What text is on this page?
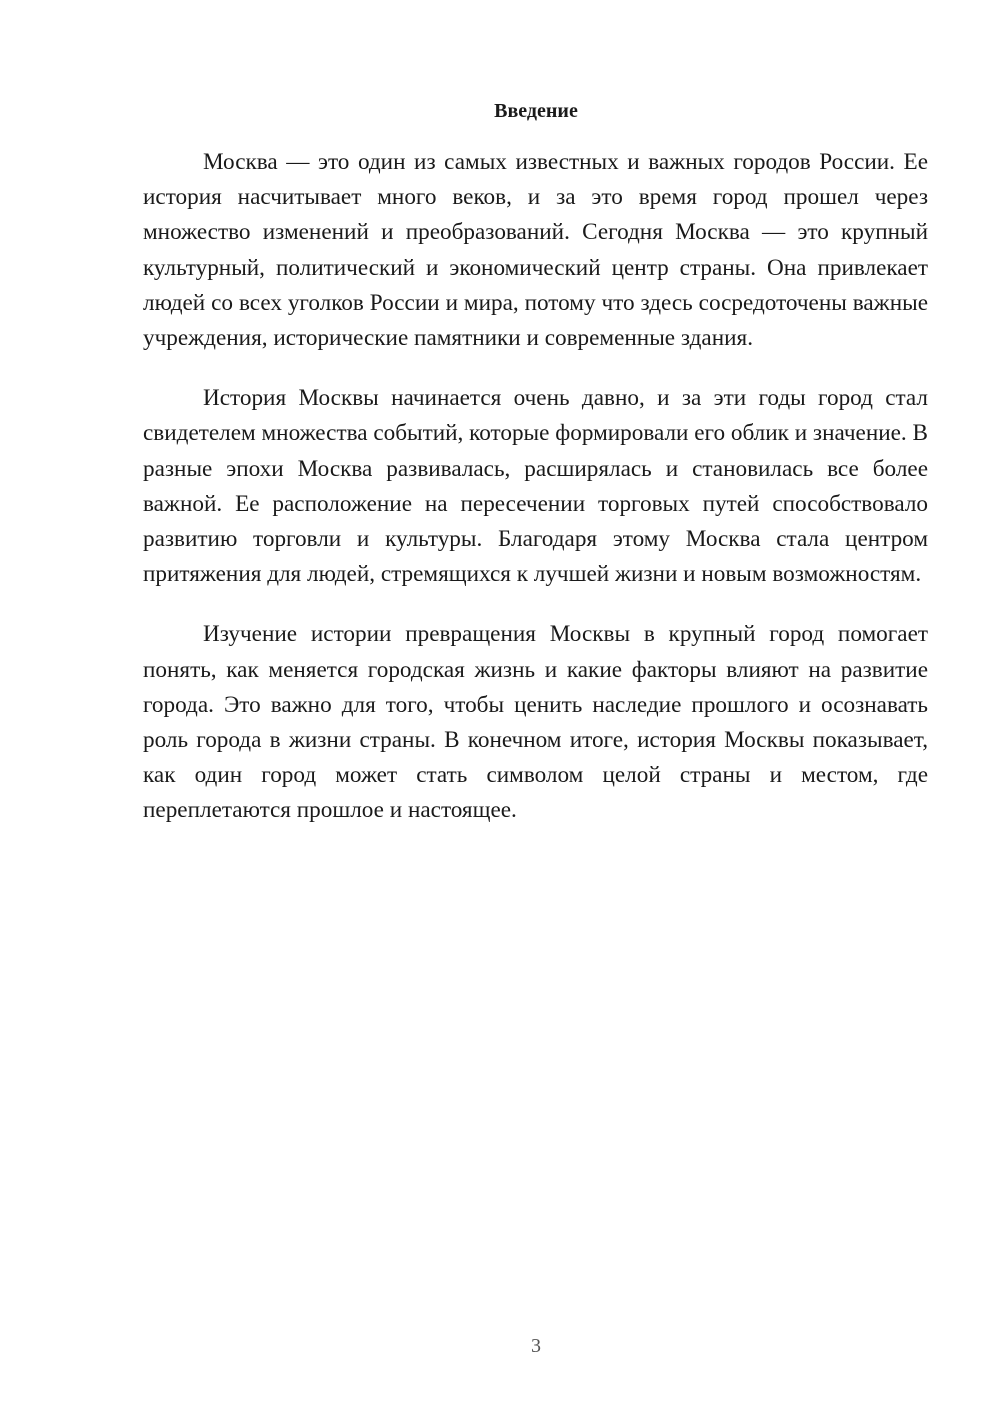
Введение

Москва — это один из самых известных и важных городов России. Ее история насчитывает много веков, и за это время город прошел через множество изменений и преобразований. Сегодня Москва — это крупный культурный, политический и экономический центр страны. Она привлекает людей со всех уголков России и мира, потому что здесь сосредоточены важные учреждения, исторические памятники и современные здания.

История Москвы начинается очень давно, и за эти годы город стал свидетелем множества событий, которые формировали его облик и значение. В разные эпохи Москва развивалась, расширялась и становилась все более важной. Ее расположение на пересечении торговых путей способствовало развитию торговли и культуры. Благодаря этому Москва стала центром притяжения для людей, стремящихся к лучшей жизни и новым возможностям.

Изучение истории превращения Москвы в крупный город помогает понять, как меняется городская жизнь и какие факторы влияют на развитие города. Это важно для того, чтобы ценить наследие прошлого и осознавать роль города в жизни страны. В конечном итоге, история Москвы показывает, как один город может стать символом целой страны и местом, где переплетаются прошлое и настоящее.

3
